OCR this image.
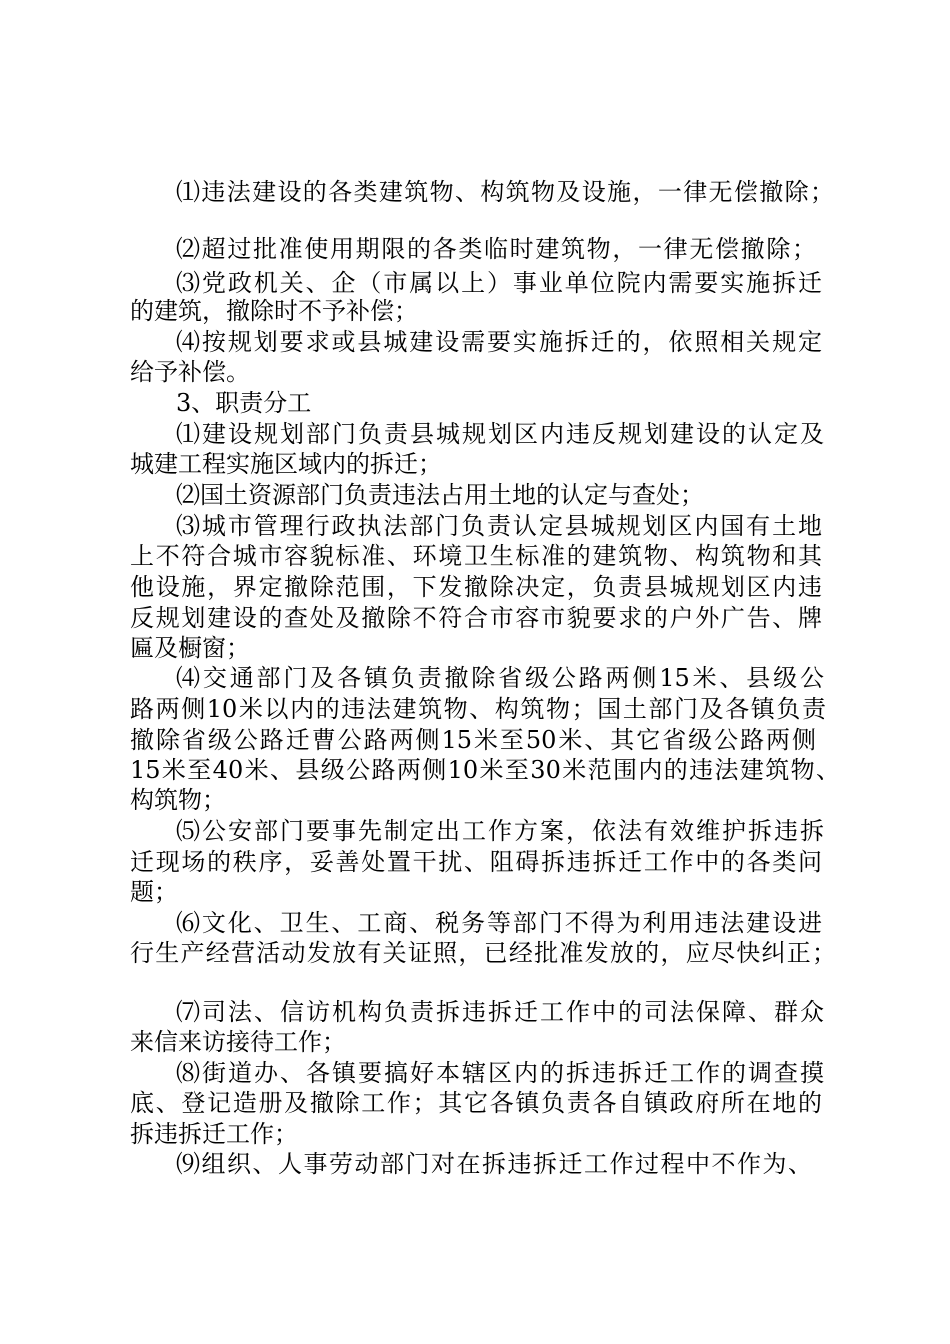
⑴违法建设的各类建筑物、构筑物及设施，一律无偿撤除；
⑵超过批准使用期限的各类临时建筑物，一律无偿撤除；
⑶党政机关、企（市属以上）事业单位院内需要实施拆迁
的建筑，撤除时不予补偿；
⑷按规划要求或县城建设需要实施拆迁的，依照相关规定
给予补偿。
3、职责分工
⑴建设规划部门负责县城规划区内违反规划建设的认定及
城建工程实施区域内的拆迁；
⑵国土资源部门负责违法占用土地的认定与查处；
⑶城市管理行政执法部门负责认定县城规划区内国有土地
上不符合城市容貌标准、环境卫生标准的建筑物、构筑物和其
他设施，界定撤除范围，下发撤除决定，负责县城规划区内违
反规划建设的查处及撤除不符合市容市貌要求的户外广告、牌
匾及橱窗；
⑷交通部门及各镇负责撤除省级公路两侧15米、县级公
路两侧10米以内的违法建筑物、构筑物；国土部门及各镇负责
撤除省级公路迁曹公路两侧15米至50米、其它省级公路两侧
15米至40米、县级公路两侧10米至30米范围内的违法建筑物、
构筑物；
⑸公安部门要事先制定出工作方案，依法有效维护拆违拆
迁现场的秩序，妥善处置干扰、阻碍拆违拆迁工作中的各类问
题；
⑹文化、卫生、工商、税务等部门不得为利用违法建设进
行生产经营活动发放有关证照，已经批准发放的，应尽快纠正；
⑺司法、信访机构负责拆违拆迁工作中的司法保障、群众
来信来访接待工作；
⑻街道办、各镇要搞好本辖区内的拆违拆迁工作的调查摸
底、登记造册及撤除工作；其它各镇负责各自镇政府所在地的
拆违拆迁工作；
⑼组织、人事劳动部门对在拆违拆迁工作过程中不作为、
